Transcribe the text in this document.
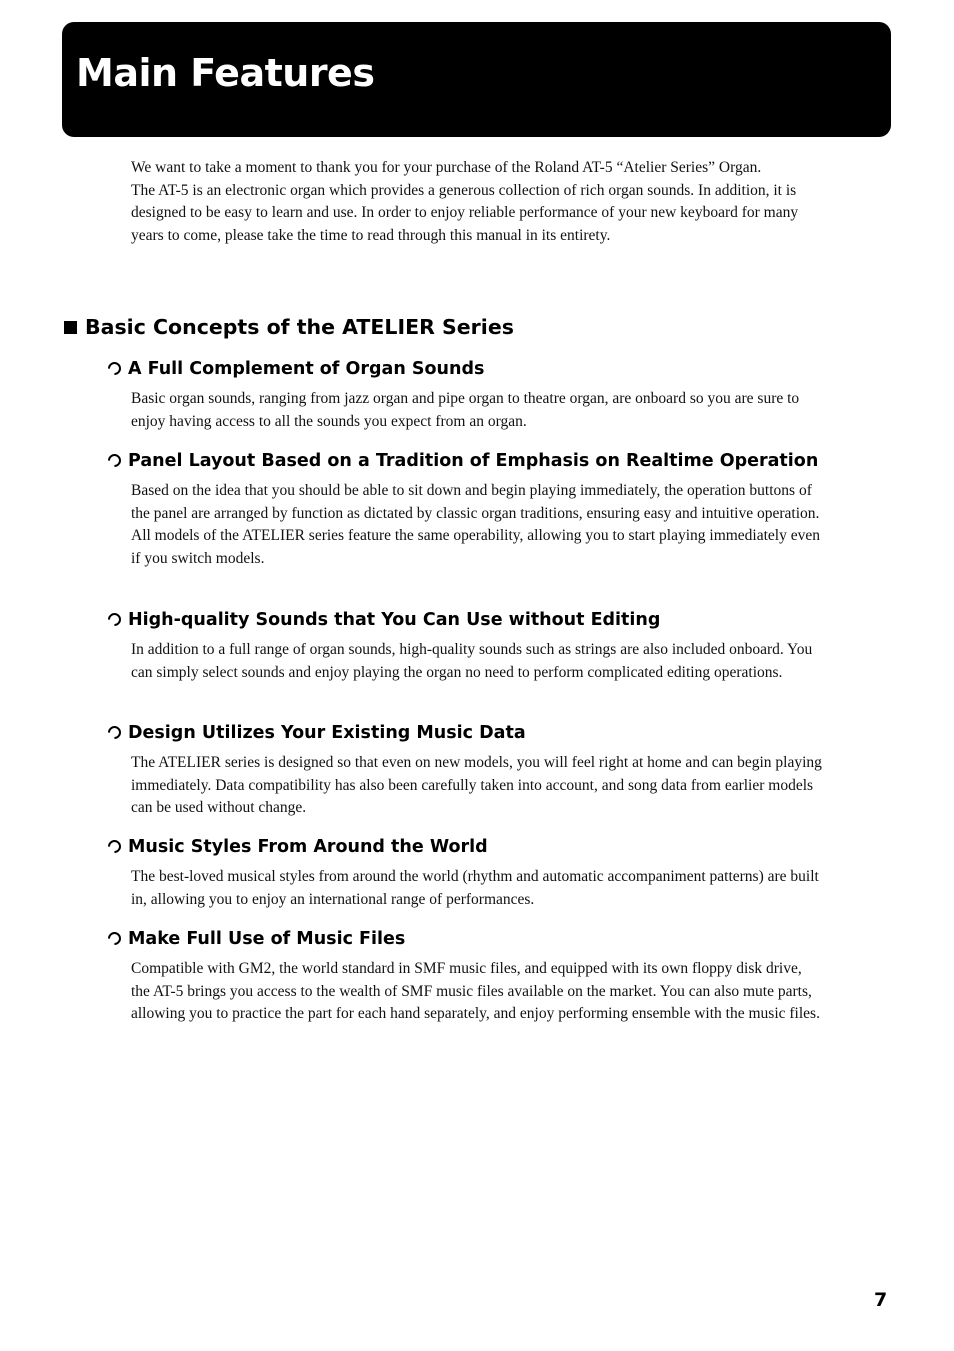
Main Features

We want to take a moment to thank you for your purchase of the Roland AT-5 “Atelier Series” Organ.

The AT-5 is an electronic organ which provides a generous collection of rich organ sounds. In addition, it is designed to be easy to learn and use. In order to enjoy reliable performance of your new keyboard for many years to come, please take the time to read through this manual in its entirety.

Basic Concepts of the ATELIER Series
A Full Complement of Organ Sounds

Basic organ sounds, ranging from jazz organ and pipe organ to theatre organ, are onboard so you are sure to enjoy having access to all the sounds you expect from an organ.

Panel Layout Based on a Tradition of Emphasis on Realtime Operation

Based on the idea that you should be able to sit down and begin playing immediately, the operation buttons of the panel are arranged by function as dictated by classic organ traditions, ensuring easy and intuitive operation. All models of the ATELIER series feature the same operability, allowing you to start playing immediately even if you switch models.

High-quality Sounds that You Can Use without Editing

In addition to a full range of organ sounds, high-quality sounds such as strings are also included onboard. You can simply select sounds and enjoy playing the organ no need to perform complicated editing operations.

Design Utilizes Your Existing Music Data

The ATELIER series is designed so that even on new models, you will feel right at home and can begin playing immediately. Data compatibility has also been carefully taken into account, and song data from earlier models can be used without change.

Music Styles From Around the World

The best-loved musical styles from around the world (rhythm and automatic accompaniment patterns) are built in, allowing you to enjoy an international range of performances.

Make Full Use of Music Files

Compatible with GM2, the world standard in SMF music files, and equipped with its own floppy disk drive, the AT-5 brings you access to the wealth of SMF music files available on the market. You can also mute parts, allowing you to practice the part for each hand separately, and enjoy performing ensemble with the music files.

7
